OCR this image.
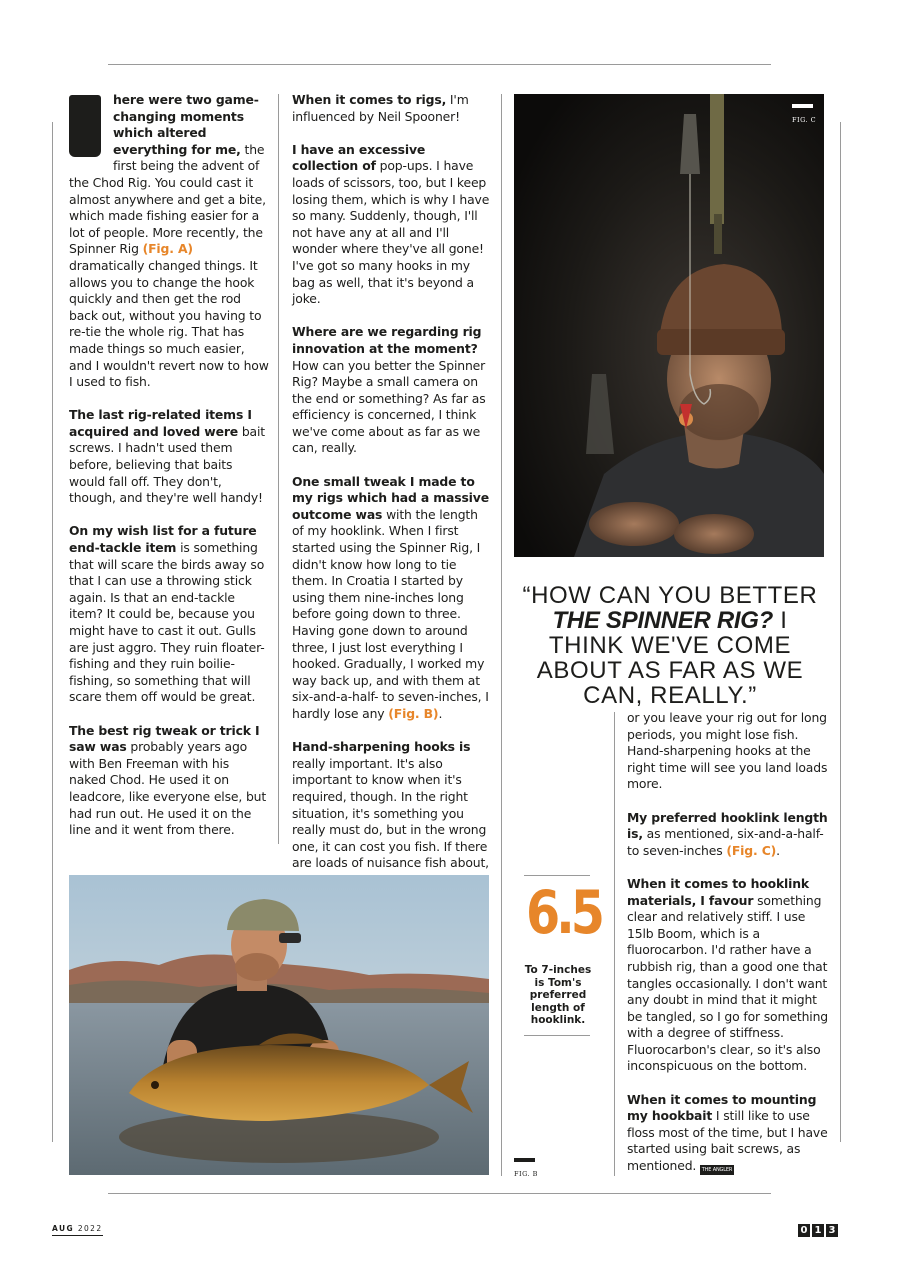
here were two game-changing moments which altered everything for me, the first being the advent of the Chod Rig. You could cast it almost anywhere and get a bite, which made fishing easier for a lot of people. More recently, the Spinner Rig (Fig. A) dramatically changed things. It allows you to change the hook quickly and then get the rod back out, without you having to re-tie the whole rig. That has made things so much easier, and I wouldn't revert now to how I used to fish.

The last rig-related items I acquired and loved were bait screws. I hadn't used them before, believing that baits would fall off. They don't, though, and they're well handy!

On my wish list for a future end-tackle item is something that will scare the birds away so that I can use a throwing stick again. Is that an end-tackle item? It could be, because you might have to cast it out. Gulls are just aggro. They ruin floater-fishing and they ruin boilie-fishing, so something that will scare them off would be great.

The best rig tweak or trick I saw was probably years ago with Ben Freeman with his naked Chod. He used it on leadcore, like everyone else, but had run out. He used it on the line and it went from there.

When it comes to rigs, I'm influenced by Neil Spooner!

I have an excessive collection of pop-ups. I have loads of scissors, too, but I keep losing them, which is why I have so many. Suddenly, though, I'll not have any at all and I'll wonder where they've all gone! I've got so many hooks in my bag as well, that it's beyond a joke.

Where are we regarding rig innovation at the moment? How can you better the Spinner Rig? Maybe a small camera on the end or something? As far as efficiency is concerned, I think we've come about as far as we can, really.

One small tweak I made to my rigs which had a massive outcome was with the length of my hooklink. When I first started using the Spinner Rig, I didn't know how long to tie them. In Croatia I started by using them nine-inches long before going down to three. Having gone down to around three, I just lost everything I hooked. Gradually, I worked my way back up, and with them at six-and-a-half- to seven-inches, I hardly lose any (Fig. B).

Hand-sharpening hooks is really important. It's also important to know when it's required, though. In the right situation, it's something you really must do, but in the wrong one, it can cost you fish. If there are loads of nuisance fish about,

or you leave your rig out for long periods, you might lose fish. Hand-sharpening hooks at the right time will see you land loads more.

My preferred hooklink length is, as mentioned, six-and-a-half- to seven-inches (Fig. C).

When it comes to hooklink materials, I favour something clear and relatively stiff. I use 15lb Boom, which is a fluorocarbon. I'd rather have a rubbish rig, than a good one that tangles occasionally. I don't want any doubt in mind that it might be tangled, so I go for something with a degree of stiffness. Fluorocarbon's clear, so it's also inconspicuous on the bottom.

When it comes to mounting my hookbait I still like to use floss most of the time, but I have started using bait screws, as mentioned. THE ANGLER

FIG. C
“HOW CAN YOU BETTER THE SPINNER RIG? I THINK WE'VE COME ABOUT AS FAR AS WE CAN, REALLY.”
FIG. B
6.5
To 7-inches is Tom's preferred length of hooklink.
AUG 2022	0 1 3
